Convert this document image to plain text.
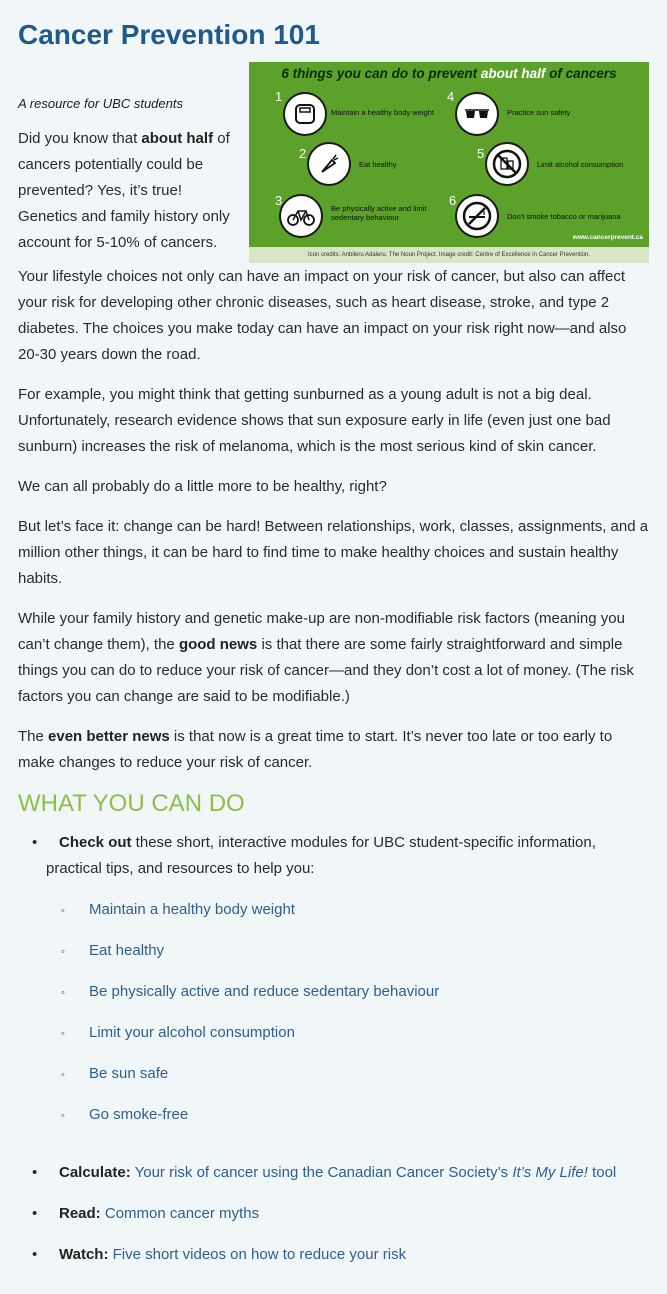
Cancer Prevention 101
A resource for UBC students
6 things you can do to prevent about half of cancers
1
Maintain a healthy body weight
2
Eat healthy
3
Be physically active and limit sedentary behaviour
4
Practice sun safety
5
Limit alcohol consumption
6
Don't smoke tobacco or marijuana
www.cancerprevent.ca
Icon credits: Anbileru Adaleru, The Noun Project. Image credit: Centre of Excellence in Cancer Prevention.

Did you know that about half of cancers potentially could be prevented? Yes, it’s true! Genetics and family history only account for 5-10% of cancers.

Your lifestyle choices not only can have an impact on your risk of cancer, but also can affect your risk for developing other chronic diseases, such as heart disease, stroke, and type 2 diabetes. The choices you make today can have an impact on your risk right now—and also 20-30 years down the road.

For example, you might think that getting sunburned as a young adult is not a big deal. Unfortunately, research evidence shows that sun exposure early in life (even just one bad sunburn) increases the risk of melanoma, which is the most serious kind of skin cancer.

We can all probably do a little more to be healthy, right?

But let’s face it: change can be hard! Between relationships, work, classes, assignments, and a million other things, it can be hard to find time to make healthy choices and sustain healthy habits.

While your family history and genetic make-up are non-modifiable risk factors (meaning you can’t change them), the good news is that there are some fairly straightforward and simple things you can do to reduce your risk of cancer—and they don’t cost a lot of money. (The risk factors you can change are said to be modifiable.)

The even better news is that now is a great time to start. It’s never too late or too early to make changes to reduce your risk of cancer.

WHAT YOU CAN DO
• Check out these short, interactive modules for UBC student-specific information, practical tips, and resources to help you:
◦ Maintain a healthy body weight
◦ Eat healthy
◦ Be physically active and reduce sedentary behaviour
◦ Limit your alcohol consumption
◦ Be sun safe
◦ Go smoke-free
• Calculate: Your risk of cancer using the Canadian Cancer Society’s It’s My Life! tool
• Read: Common cancer myths
• Watch: Five short videos on how to reduce your risk
